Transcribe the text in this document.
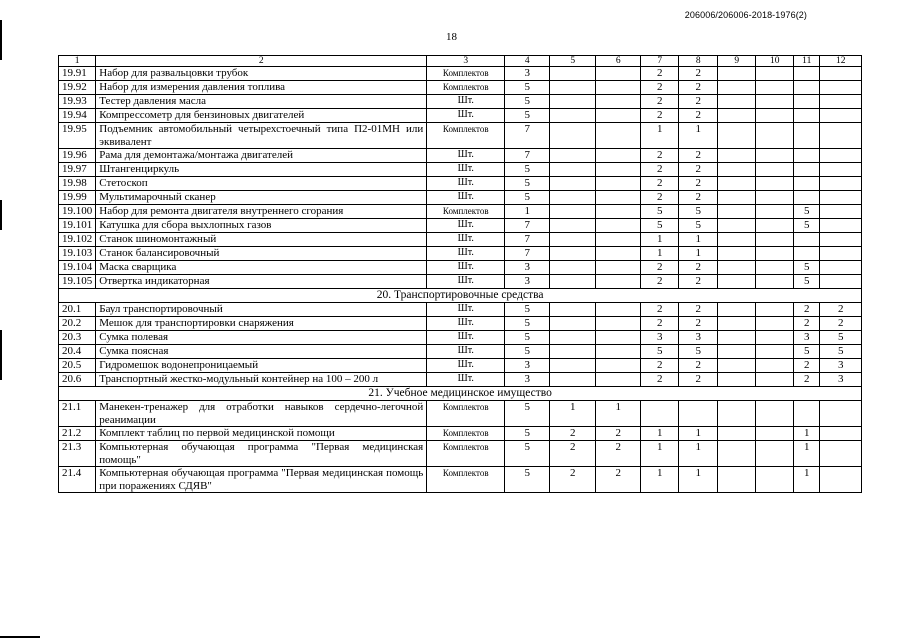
206006/206006-2018-1976(2)
18
1	2	3	4	5	6	7	8	9	10	11	12
19.91	Набор для развальцовки трубок	Комплектов	3			2	2				
19.92	Набор для измерения давления топлива	Комплектов	5			2	2				
19.93	Тестер давления масла	Шт.	5			2	2				
19.94	Компрессометр для бензиновых двигателей	Шт.	5			2	2				
19.95	Подъемник автомобильный четырехстоечный типа П2-01МН или эквивалент	Комплектов	7			1	1				
19.96	Рама для демонтажа/монтажа двигателей	Шт.	7			2	2				
19.97	Штангенциркуль	Шт.	5			2	2				
19.98	Стетоскоп	Шт.	5			2	2				
19.99	Мультимарочный сканер	Шт.	5			2	2				
19.100	Набор для ремонта двигателя внутреннего сгорания	Комплектов	1			5	5			5	
19.101	Катушка для сбора выхлопных газов	Шт.	7			5	5			5	
19.102	Станок шиномонтажный	Шт.	7			1	1				
19.103	Станок балансировочный	Шт.	7			1	1				
19.104	Маска сварщика	Шт.	3			2	2			5	
19.105	Отвертка индикаторная	Шт.	3			2	2			5	
20. Транспортировочные средства											
20.1	Баул транспортировочный	Шт.	5			2	2			2	2
20.2	Мешок для транспортировки снаряжения	Шт.	5			2	2			2	2
20.3	Сумка полевая	Шт.	5			3	3			3	5
20.4	Сумка поясная	Шт.	5			5	5			5	5
20.5	Гидромешок водонепроницаемый	Шт.	3			2	2			2	3
20.6	Транспортный жестко-модульный контейнер на 100 – 200 л	Шт.	3			2	2			2	3
21. Учебное медицинское имущество											
21.1	Манекен-тренажер для отработки навыков сердечно-легочной реанимации	Комплектов	5	1	1						
21.2	Комплект таблиц по первой медицинской помощи	Комплектов	5	2	2	1	1			1	
21.3	Компьютерная обучающая программа "Первая медицинская помощь"	Комплектов	5	2	2	1	1			1	
21.4	Компьютерная обучающая программа "Первая медицинская помощь при поражениях СДЯВ"	Комплектов	5	2	2	1	1			1	
